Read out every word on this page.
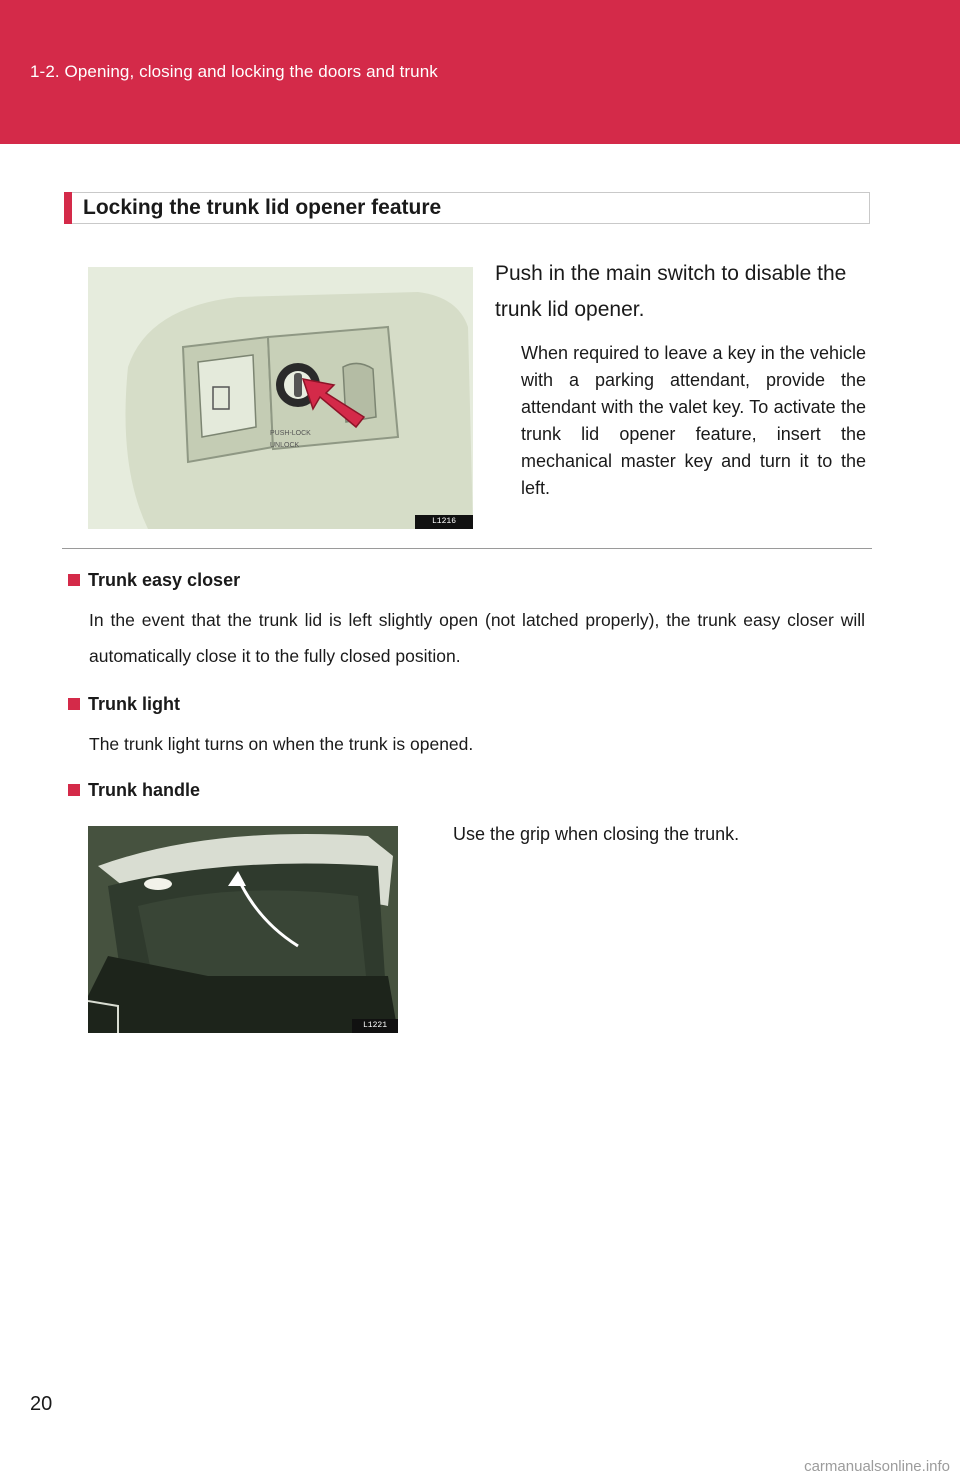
1-2. Opening, closing and locking the doors and trunk
Locking the trunk lid opener feature
PUSH-LOCK
UNLOCK
L1216
Push in the main switch to disable the trunk lid opener.
When required to leave a key in the vehicle with a parking attendant, provide the attendant with the valet key. To activate the trunk lid opener feature, insert the mechanical master key and turn it to the left.
Trunk easy closer
In the event that the trunk lid is left slightly open (not latched properly), the trunk easy closer will automatically close it to the fully closed position.
Trunk light
The trunk light turns on when the trunk is opened.
Trunk handle
L1221
Use the grip when closing the trunk.
20
carmanualsonline.info
